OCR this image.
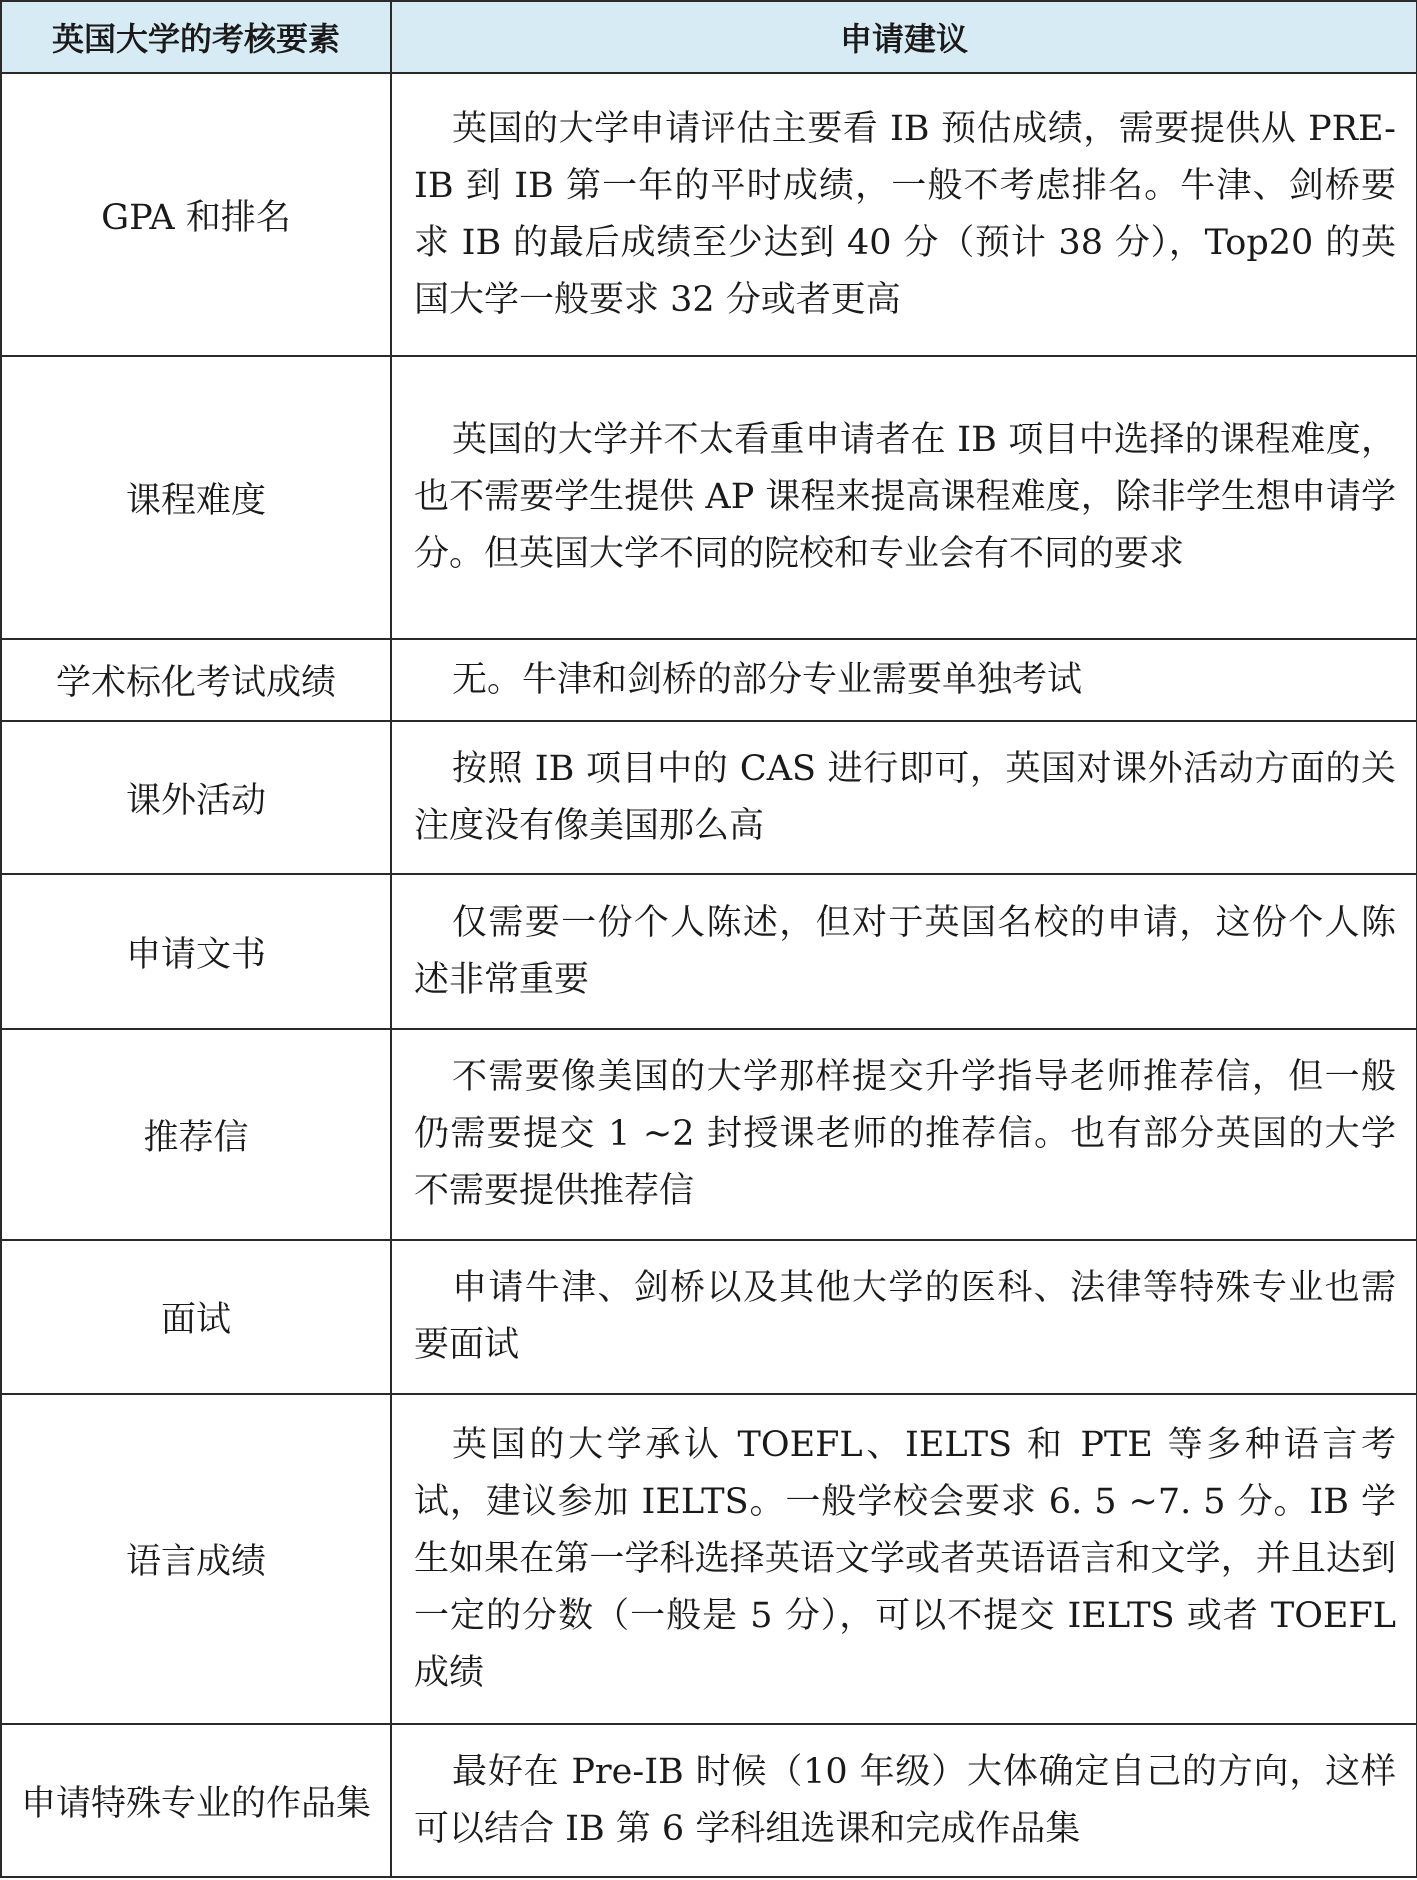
英国大学的考核要素	申请建议
GPA 和排名	英国的大学申请评估主要看 IB 预估成绩，需要提供从 PRE-IB 到 IB 第一年的平时成绩，一般不考虑排名。牛津、剑桥要求 IB 的最后成绩至少达到 40 分（预计 38 分），Top20 的英国大学一般要求 32 分或者更高

课程难度	英国的大学并不太看重申请者在 IB 项目中选择的课程难度，也不需要学生提供 AP 课程来提高课程难度，除非学生想申请学分。但英国大学不同的院校和专业会有不同的要求

学术标化考试成绩	无。牛津和剑桥的部分专业需要单独考试

课外活动	按照 IB 项目中的 CAS 进行即可，英国对课外活动方面的关注度没有像美国那么高

申请文书	仅需要一份个人陈述，但对于英国名校的申请，这份个人陈述非常重要

推荐信	不需要像美国的大学那样提交升学指导老师推荐信，但一般仍需要提交 1 ~2 封授课老师的推荐信。也有部分英国的大学不需要提供推荐信

面试	申请牛津、剑桥以及其他大学的医科、法律等特殊专业也需要面试

语言成绩	英国的大学承认 TOEFL、IELTS 和 PTE 等多种语言考试，建议参加 IELTS。一般学校会要求 6. 5 ~7. 5 分。IB 学生如果在第一学科选择英语文学或者英语语言和文学，并且达到一定的分数（一般是 5 分），可以不提交 IELTS 或者 TOEFL 成绩

申请特殊专业的作品集	最好在 Pre-IB 时候（10 年级）大体确定自己的方向，这样可以结合 IB 第 6 学科组选课和完成作品集
